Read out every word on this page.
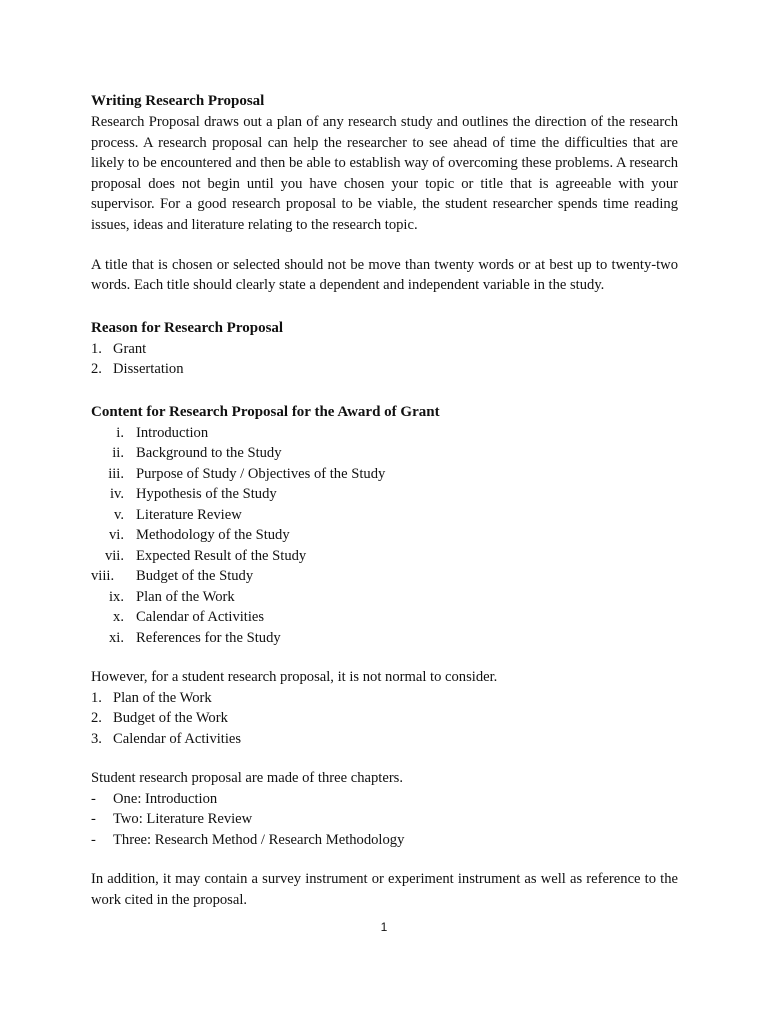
Writing Research Proposal

Research Proposal draws out a plan of any research study and outlines the direction of the research process. A research proposal can help the researcher to see ahead of time the difficulties that are likely to be encountered and then be able to establish way of overcoming these problems. A research proposal does not begin until you have chosen your topic or title that is agreeable with your supervisor. For a good research proposal to be viable, the student researcher spends time reading issues, ideas and literature relating to the research topic.

A title that is chosen or selected should not be move than twenty words or at best up to twenty-two words. Each title should clearly state a dependent and independent variable in the study.

Reason for Research Proposal
1. Grant
2. Dissertation
Content for Research Proposal for the Award of Grant
i. Introduction
ii. Background to the Study
iii. Purpose of Study / Objectives of the Study
iv. Hypothesis of the Study
v. Literature Review
vi. Methodology of the Study
vii. Expected Result of the Study
viii. Budget of the Study
ix. Plan of the Work
x. Calendar of Activities
xi. References for the Study
However, for a student research proposal, it is not normal to consider.
1. Plan of the Work
2. Budget of the Work
3. Calendar of Activities
Student research proposal are made of three chapters.
- One: Introduction
- Two: Literature Review
- Three: Research Method / Research Methodology

In addition, it may contain a survey instrument or experiment instrument as well as reference to the work cited in the proposal.

1
